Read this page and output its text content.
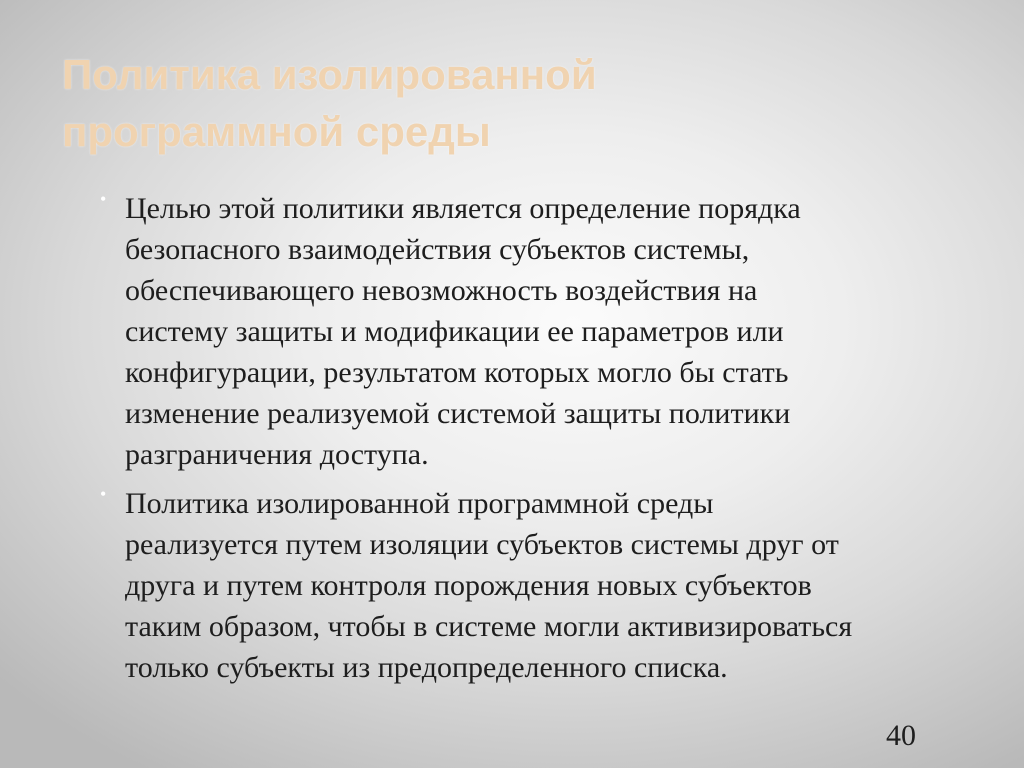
Политика изолированной
программной среды
• Целью этой политики является определение порядка
безопасного взаимодействия субъектов системы,
обеспечивающего невозможность воздействия на
систему защиты и модификации ее параметров или
конфигурации, результатом которых могло бы стать
изменение реализуемой системой защиты политики
разграничения доступа.
• Политика изолированной программной среды
реализуется путем изоляции субъектов системы друг от
друга и путем контроля порождения новых субъектов
таким образом, чтобы в системе могли активизироваться
только субъекты из предопределенного списка.
40
